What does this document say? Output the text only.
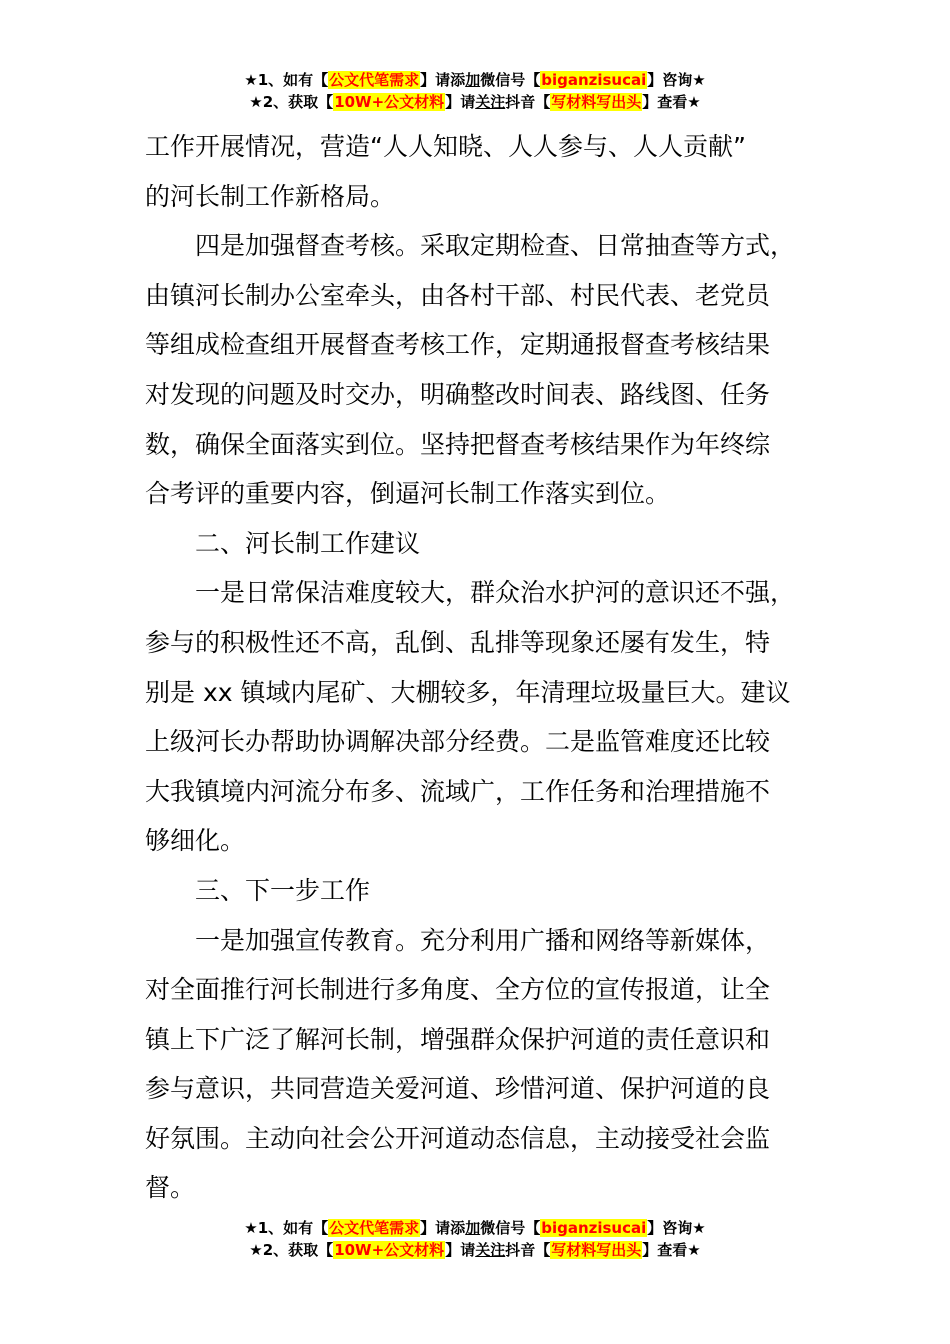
★1、如有【公文代笔需求】请添加微信号【biganzisucai】咨询★
★2、获取【10W+公文材料】请关注抖音【写材料写出头】查看★
工作开展情况，营造“人人知晓、人人参与、人人贡献”
的河长制工作新格局。
四是加强督查考核。采取定期检查、日常抽查等方式，
由镇河长制办公室牵头，由各村干部、村民代表、老党员
等组成检查组开展督查考核工作，定期通报督查考核结果
对发现的问题及时交办，明确整改时间表、路线图、任务
数，确保全面落实到位。坚持把督查考核结果作为年终综
合考评的重要内容，倒逼河长制工作落实到位。
二、河长制工作建议
一是日常保洁难度较大，群众治水护河的意识还不强，
参与的积极性还不高，乱倒、乱排等现象还屡有发生，特
别是 xx 镇域内尾矿、大棚较多，年清理垃圾量巨大。建议
上级河长办帮助协调解决部分经费。二是监管难度还比较
大我镇境内河流分布多、流域广，工作任务和治理措施不
够细化。
三、下一步工作
一是加强宣传教育。充分利用广播和网络等新媒体，
对全面推行河长制进行多角度、全方位的宣传报道，让全
镇上下广泛了解河长制，增强群众保护河道的责任意识和
参与意识，共同营造关爱河道、珍惜河道、保护河道的良
好氛围。主动向社会公开河道动态信息，主动接受社会监
督。
★1、如有【公文代笔需求】请添加微信号【biganzisucai】咨询★
★2、获取【10W+公文材料】请关注抖音【写材料写出头】查看★
